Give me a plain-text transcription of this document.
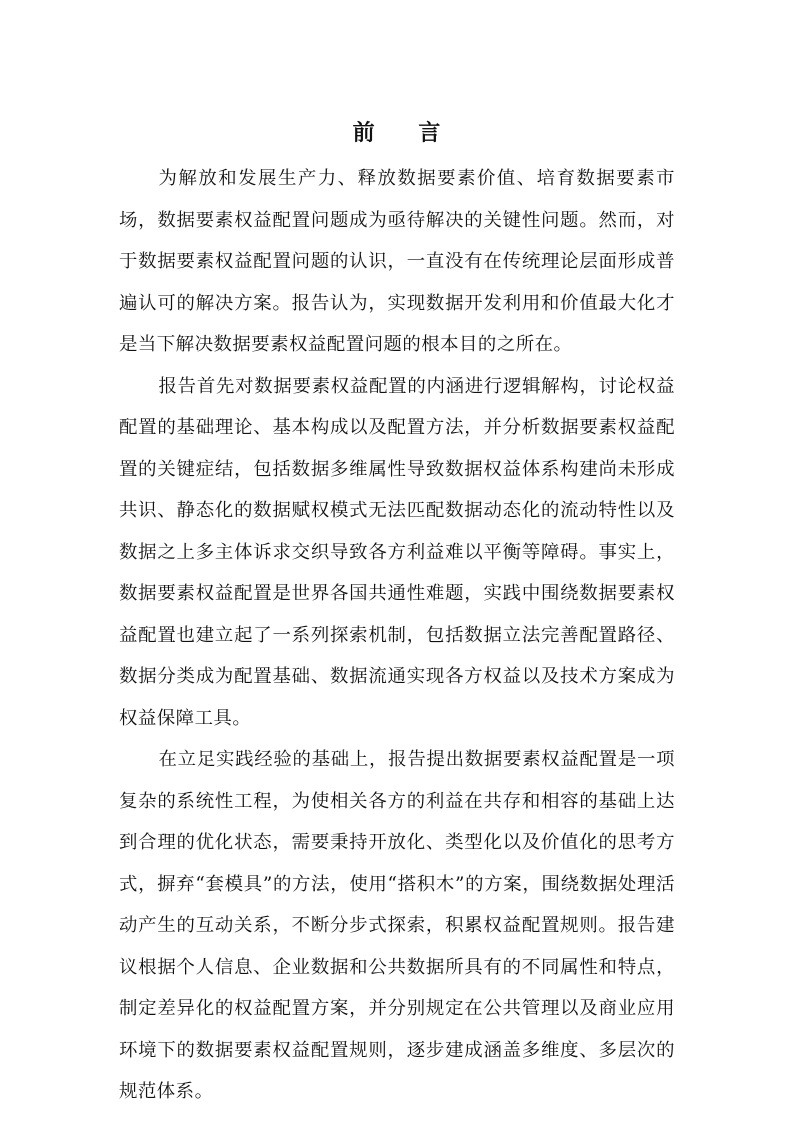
前 言

为解放和发展生产力、释放数据要素价值、培育数据要素市场，数据要素权益配置问题成为亟待解决的关键性问题。然而，对于数据要素权益配置问题的认识，一直没有在传统理论层面形成普遍认可的解决方案。报告认为，实现数据开发利用和价值最大化才是当下解决数据要素权益配置问题的根本目的之所在。

报告首先对数据要素权益配置的内涵进行逻辑解构，讨论权益配置的基础理论、基本构成以及配置方法，并分析数据要素权益配置的关键症结，包括数据多维属性导致数据权益体系构建尚未形成共识、静态化的数据赋权模式无法匹配数据动态化的流动特性以及数据之上多主体诉求交织导致各方利益难以平衡等障碍。事实上，数据要素权益配置是世界各国共通性难题，实践中围绕数据要素权益配置也建立起了一系列探索机制，包括数据立法完善配置路径、数据分类成为配置基础、数据流通实现各方权益以及技术方案成为权益保障工具。

在立足实践经验的基础上，报告提出数据要素权益配置是一项复杂的系统性工程，为使相关各方的利益在共存和相容的基础上达到合理的优化状态，需要秉持开放化、类型化以及价值化的思考方式，摒弃“套模具”的方法，使用“搭积木”的方案，围绕数据处理活动产生的互动关系，不断分步式探索，积累权益配置规则。报告建议根据个人信息、企业数据和公共数据所具有的不同属性和特点，制定差异化的权益配置方案，并分别规定在公共管理以及商业应用环境下的数据要素权益配置规则，逐步建成涵盖多维度、多层次的规范体系。
